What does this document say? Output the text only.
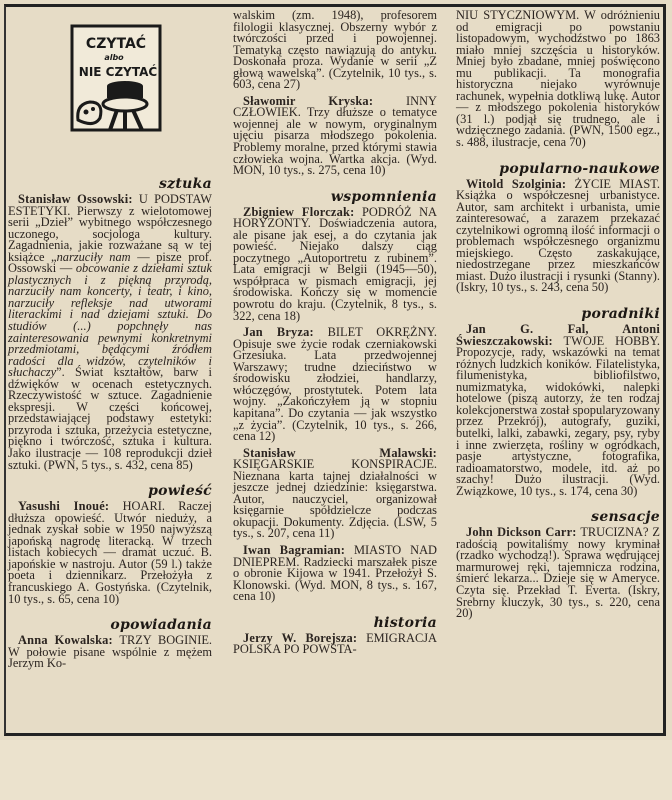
CZYTAĆ
albo
NIE CZYTAĆ
sztuka

Stanisław Ossowski: U PODSTAW ESTETYKI. Pierwszy z wielotomowej serii „Dzieł” wybitnego współczesnego uczonego, socjologa kultury. Zagadnienia, jakie rozważane są w tej książce „narzuciły nam — pisze prof. Ossowski — obcowanie z dziełami sztuk plastycznych i z piękną przyrodą, narzuciły nam koncerty, i teatr, i kino, narzuciły refleksje nad utworami literackimi i nad dziejami sztuki. Do studiów (...) popchnęły nas zainteresowania pewnymi konkretnymi przedmiotami, będącymi źródłem radości dla widzów, czytelników i słuchaczy”. Świat kształtów, barw i dźwięków w ocenach estetycznych. Rzeczywistość w sztuce. Zagadnienie ekspresji. W części końcowej, przedstawiającej podstawy estetyki: przyroda i sztuka, przeżycia estetyczne, piękno i twórczość, sztuka i kultura. Jako ilustracje — 108 reprodukcji dzieł sztuki. (PWN, 5 tys., s. 432, cena 85)

powieść

Yasushi Inoué: HOARI. Raczej dłuższa opowieść. Utwór nieduży, a jednak zyskał sobie w 1950 najwyższą japońską nagrodę literacką. W trzech listach kobiecych — dramat uczuć. B. japońskie w nastroju. Autor (59 l.) także poeta i dziennikarz. Przełożyła z francuskiego A. Gostyńska. (Czytelnik, 10 tys., s. 65, cena 10)

opowiadania

Anna Kowalska: TRZY BOGINIE. W połowie pisane wspólnie z mężem Jerzym Ko-

walskim (zm. 1948), profesorem filologii klasycznej. Obszerny wybór z twórczości przed i powojennej. Tematyką często nawiązują do antyku. Doskonała proza. Wydanie w serii „Z głową wawelską”. (Czytelnik, 10 tys., s. 603, cena 27)

Sławomir Kryska: INNY CZŁOWIEK. Trzy dłuższe o tematyce wojennej ale w nowym, oryginalnym ujęciu pisarza młodszego pokolenia. Problemy moralne, przed którymi stawia człowieka wojna. Wartka akcja. (Wyd. MON, 10 tys., s. 275, cena 10)

wspomnienia

Zbigniew Florczak: PODRÓŻ NA HORYZONTY. Doświadczenia autora, ale pisane jak esej, a do czytania jak powieść. Niejako dalszy ciąg poczytnego „Autoportretu z rubinem”. Lata emigracji w Belgii (1945—50), współpraca w pismach emigracji, jej środowiska. Kończy się w momencie powrotu do kraju. (Czytelnik, 8 tys., s. 322, cena 18)

Jan Bryza: BILET OKRĘŻNY. Opisuje swe życie rodak czerniakowski Grzesiuka. Lata przedwojennej Warszawy; trudne dzieciństwo w środowisku złodziei, handlarzy, włóczęgów, prostytutek. Potem lata wojny. „Zakończyłem ją w stopniu kapitana”. Do czytania — jak wszystko „z życia”. (Czytelnik, 10 tys., s. 266, cena 12)

Stanisław Malawski: KSIĘGARSKIE KONSPIRACJE. Nieznana karta tajnej działalności w jeszcze jednej dziedzinie: księgarstwa. Autor, nauczyciel, organizował księgarnie spółdzielcze podczas okupacji. Dokumenty. Zdjęcia. (LSW, 5 tys., s. 207, cena 11)

Iwan Bagramian: MIASTO NAD DNIEPREM. Radziecki marszałek pisze o obronie Kijowa w 1941. Przełożył S. Klonowski. (Wyd. MON, 8 tys., s. 167, cena 10)

historia

Jerzy W. Borejsza: EMIGRACJA POLSKA PO POWSTA-

NIU STYCZNIOWYM. W odróżnieniu od emigracji po powstaniu listopadowym, wychodźstwo po 1863 miało mniej szczęścia u historyków. Mniej było zbadane, mniej poświęcono mu publikacji. Ta monografia historyczna niejako wyrównuje rachunek, wypełnia dotkliwą lukę. Autor — z młodszego pokolenia historyków (31 l.) podjął się trudnego, ale i wdzięcznego zadania. (PWN, 1500 egz., s. 488, ilustracje, cena 70)

popularno-naukowe

Witold Szolginia: ŻYCIE MIAST. Książka o współczesnej urbanistyce. Autor, sam architekt i urbanista, umie zainteresować, a zarazem przekazać czytelnikowi ogromną ilość informacji o problemach współczesnego organizmu miejskiego. Często zaskakujące, niedostrzegane przez mieszkańców miast. Dużo ilustracji i rysunki (Stanny). (Iskry, 10 tys., s. 243, cena 50)

poradniki

Jan G. Fal, Antoni Świeszczakowski: TWOJE HOBBY. Propozycje, rady, wskazówki na temat różnych ludzkich koników. Filatelistyka, filumenistyka, bibliofilstwo, numizmatyka, widokówki, nalepki hotelowe (piszą autorzy, że ten rodzaj kolekcjonerstwa został spopularyzowany przez Przekrój), autografy, guziki, butelki, lalki, zabawki, zegary, psy, ryby i inne zwierzęta, rośliny w ogródkach, pasje artystyczne, fotografika, radioamatorstwo, modele, itd. aż po szachy! Dużo ilustracji. (Wyd. Związkowe, 10 tys., s. 174, cena 30)

sensacje

John Dickson Carr: TRUCIZNA? Z radością powitaliśmy nowy kryminał (rzadko wychodzą!). Sprawa wędrującej marmurowej ręki, tajemnicza rodzina, śmierć lekarza... Dzieje się w Ameryce. Czyta się. Przekład T. Everta. (Iskry, Srebrny kluczyk, 30 tys., s. 220, cena 20)
